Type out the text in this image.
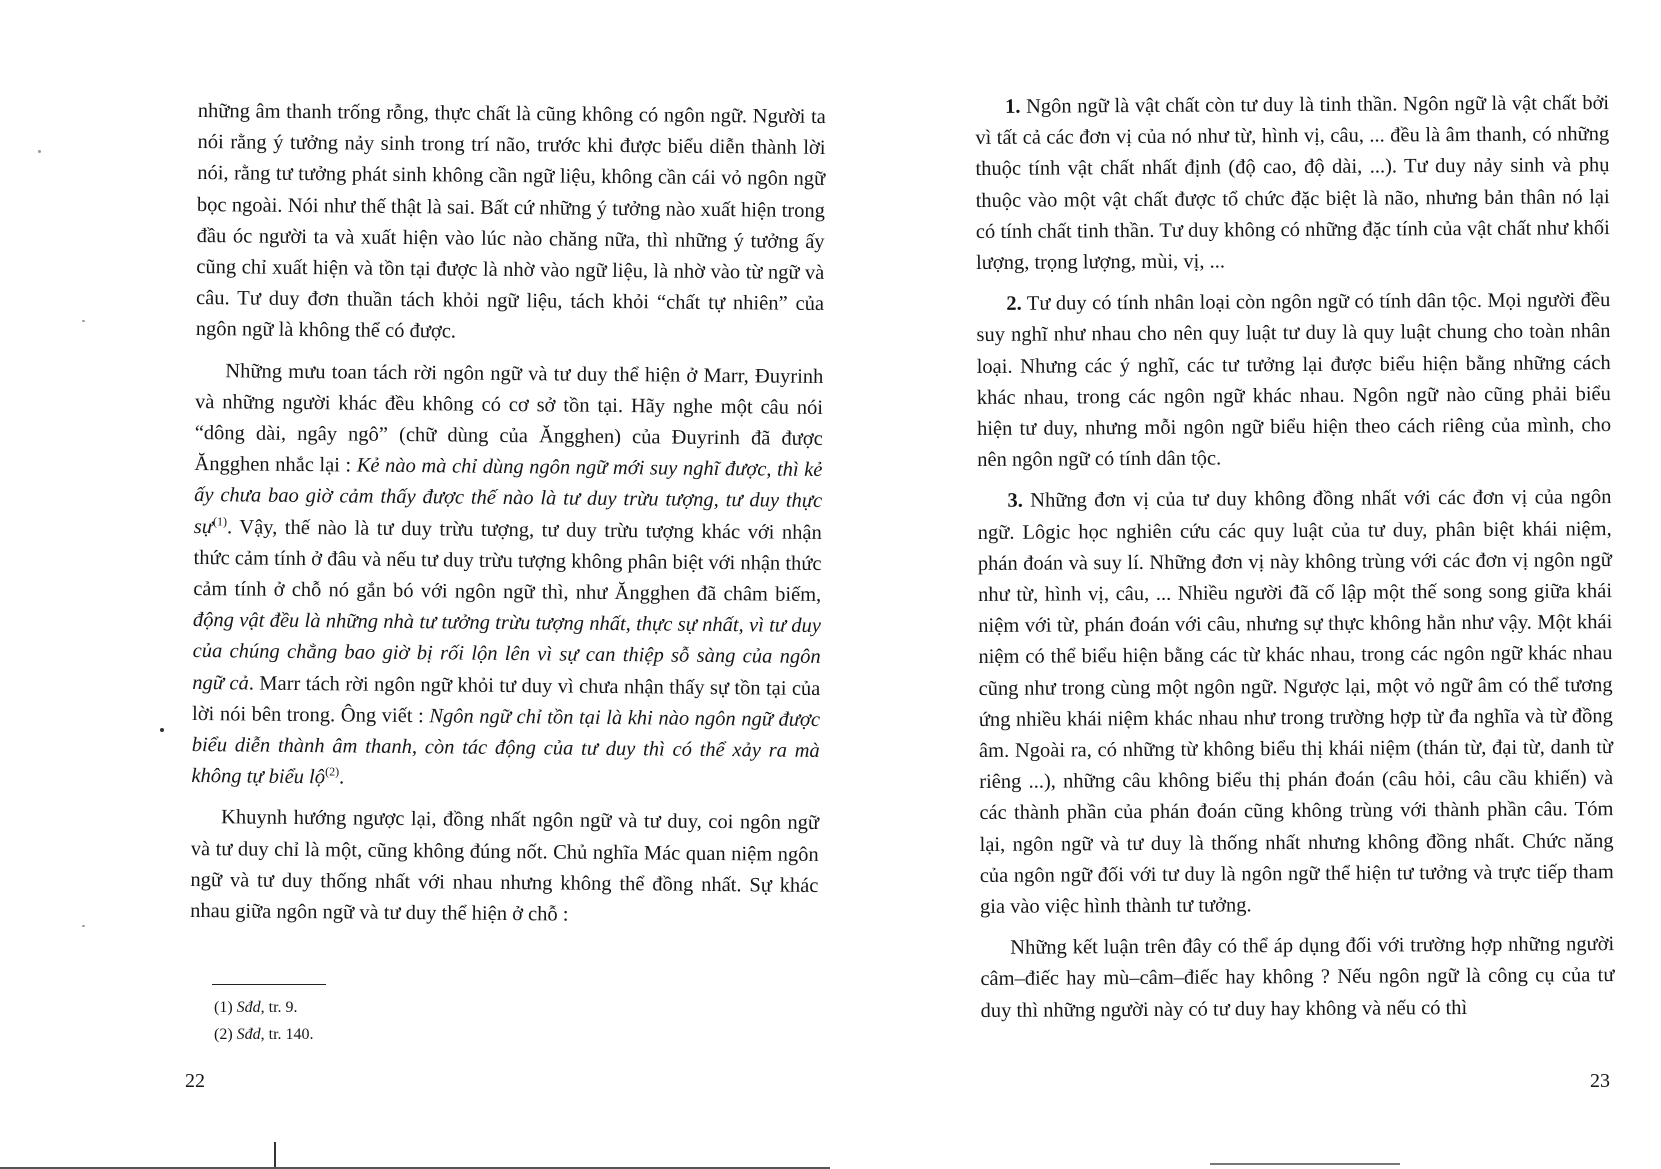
những âm thanh trống rỗng, thực chất là cũng không có ngôn ngữ. Người ta nói rằng ý tưởng nảy sinh trong trí não, trước khi được biểu diễn thành lời nói, rằng tư tưởng phát sinh không cần ngữ liệu, không cần cái vỏ ngôn ngữ bọc ngoài. Nói như thế thật là sai. Bất cứ những ý tưởng nào xuất hiện trong đầu óc người ta và xuất hiện vào lúc nào chăng nữa, thì những ý tưởng ấy cũng chỉ xuất hiện và tồn tại được là nhờ vào ngữ liệu, là nhờ vào từ ngữ và câu. Tư duy đơn thuần tách khỏi ngữ liệu, tách khỏi “chất tự nhiên” của ngôn ngữ là không thể có được.

Những mưu toan tách rời ngôn ngữ và tư duy thể hiện ở Marr, Đuyrinh và những người khác đều không có cơ sở tồn tại. Hãy nghe một câu nói “dông dài, ngây ngô” (chữ dùng của Ăngghen) của Đuyrinh đã được Ăngghen nhắc lại : Kẻ nào mà chỉ dùng ngôn ngữ mới suy nghĩ được, thì kẻ ấy chưa bao giờ cảm thấy được thế nào là tư duy trừu tượng, tư duy thực sự$^{(1)}$. Vậy, thế nào là tư duy trừu tượng, tư duy trừu tượng khác với nhận thức cảm tính ở đâu và nếu tư duy trừu tượng không phân biệt với nhận thức cảm tính ở chỗ nó gắn bó với ngôn ngữ thì, như Ăngghen đã châm biếm, động vật đều là những nhà tư tưởng trừu tượng nhất, thực sự nhất, vì tư duy của chúng chẳng bao giờ bị rối lộn lên vì sự can thiệp sỗ sàng của ngôn ngữ cả. Marr tách rời ngôn ngữ khỏi tư duy vì chưa nhận thấy sự tồn tại của lời nói bên trong. Ông viết : Ngôn ngữ chỉ tồn tại là khi nào ngôn ngữ được biểu diễn thành âm thanh, còn tác động của tư duy thì có thể xảy ra mà không tự biểu lộ$^{(2)}$.

Khuynh hướng ngược lại, đồng nhất ngôn ngữ và tư duy, coi ngôn ngữ và tư duy chỉ là một, cũng không đúng nốt. Chủ nghĩa Mác quan niệm ngôn ngữ và tư duy thống nhất với nhau nhưng không thể đồng nhất. Sự khác nhau giữa ngôn ngữ và tư duy thể hiện ở chỗ :

(1) Sđd, tr. 9.
(2) Sđd, tr. 140.
22

1. Ngôn ngữ là vật chất còn tư duy là tinh thần. Ngôn ngữ là vật chất bởi vì tất cả các đơn vị của nó như từ, hình vị, câu, ... đều là âm thanh, có những thuộc tính vật chất nhất định (độ cao, độ dài, ...). Tư duy nảy sinh và phụ thuộc vào một vật chất được tổ chức đặc biệt là não, nhưng bản thân nó lại có tính chất tinh thần. Tư duy không có những đặc tính của vật chất như khối lượng, trọng lượng, mùi, vị, ...

2. Tư duy có tính nhân loại còn ngôn ngữ có tính dân tộc. Mọi người đều suy nghĩ như nhau cho nên quy luật tư duy là quy luật chung cho toàn nhân loại. Nhưng các ý nghĩ, các tư tưởng lại được biểu hiện bằng những cách khác nhau, trong các ngôn ngữ khác nhau. Ngôn ngữ nào cũng phải biểu hiện tư duy, nhưng mỗi ngôn ngữ biểu hiện theo cách riêng của mình, cho nên ngôn ngữ có tính dân tộc.

3. Những đơn vị của tư duy không đồng nhất với các đơn vị của ngôn ngữ. Lôgic học nghiên cứu các quy luật của tư duy, phân biệt khái niệm, phán đoán và suy lí. Những đơn vị này không trùng với các đơn vị ngôn ngữ như từ, hình vị, câu, ... Nhiều người đã cố lập một thế song song giữa khái niệm với từ, phán đoán với câu, nhưng sự thực không hẳn như vậy. Một khái niệm có thể biểu hiện bằng các từ khác nhau, trong các ngôn ngữ khác nhau cũng như trong cùng một ngôn ngữ. Ngược lại, một vỏ ngữ âm có thể tương ứng nhiều khái niệm khác nhau như trong trường hợp từ đa nghĩa và từ đồng âm. Ngoài ra, có những từ không biểu thị khái niệm (thán từ, đại từ, danh từ riêng ...), những câu không biểu thị phán đoán (câu hỏi, câu cầu khiến) và các thành phần của phán đoán cũng không trùng với thành phần câu. Tóm lại, ngôn ngữ và tư duy là thống nhất nhưng không đồng nhất. Chức năng của ngôn ngữ đối với tư duy là ngôn ngữ thể hiện tư tưởng và trực tiếp tham gia vào việc hình thành tư tưởng.

Những kết luận trên đây có thể áp dụng đối với trường hợp những người câm–điếc hay mù–câm–điếc hay không ? Nếu ngôn ngữ là công cụ của tư duy thì những người này có tư duy hay không và nếu có thì

23
